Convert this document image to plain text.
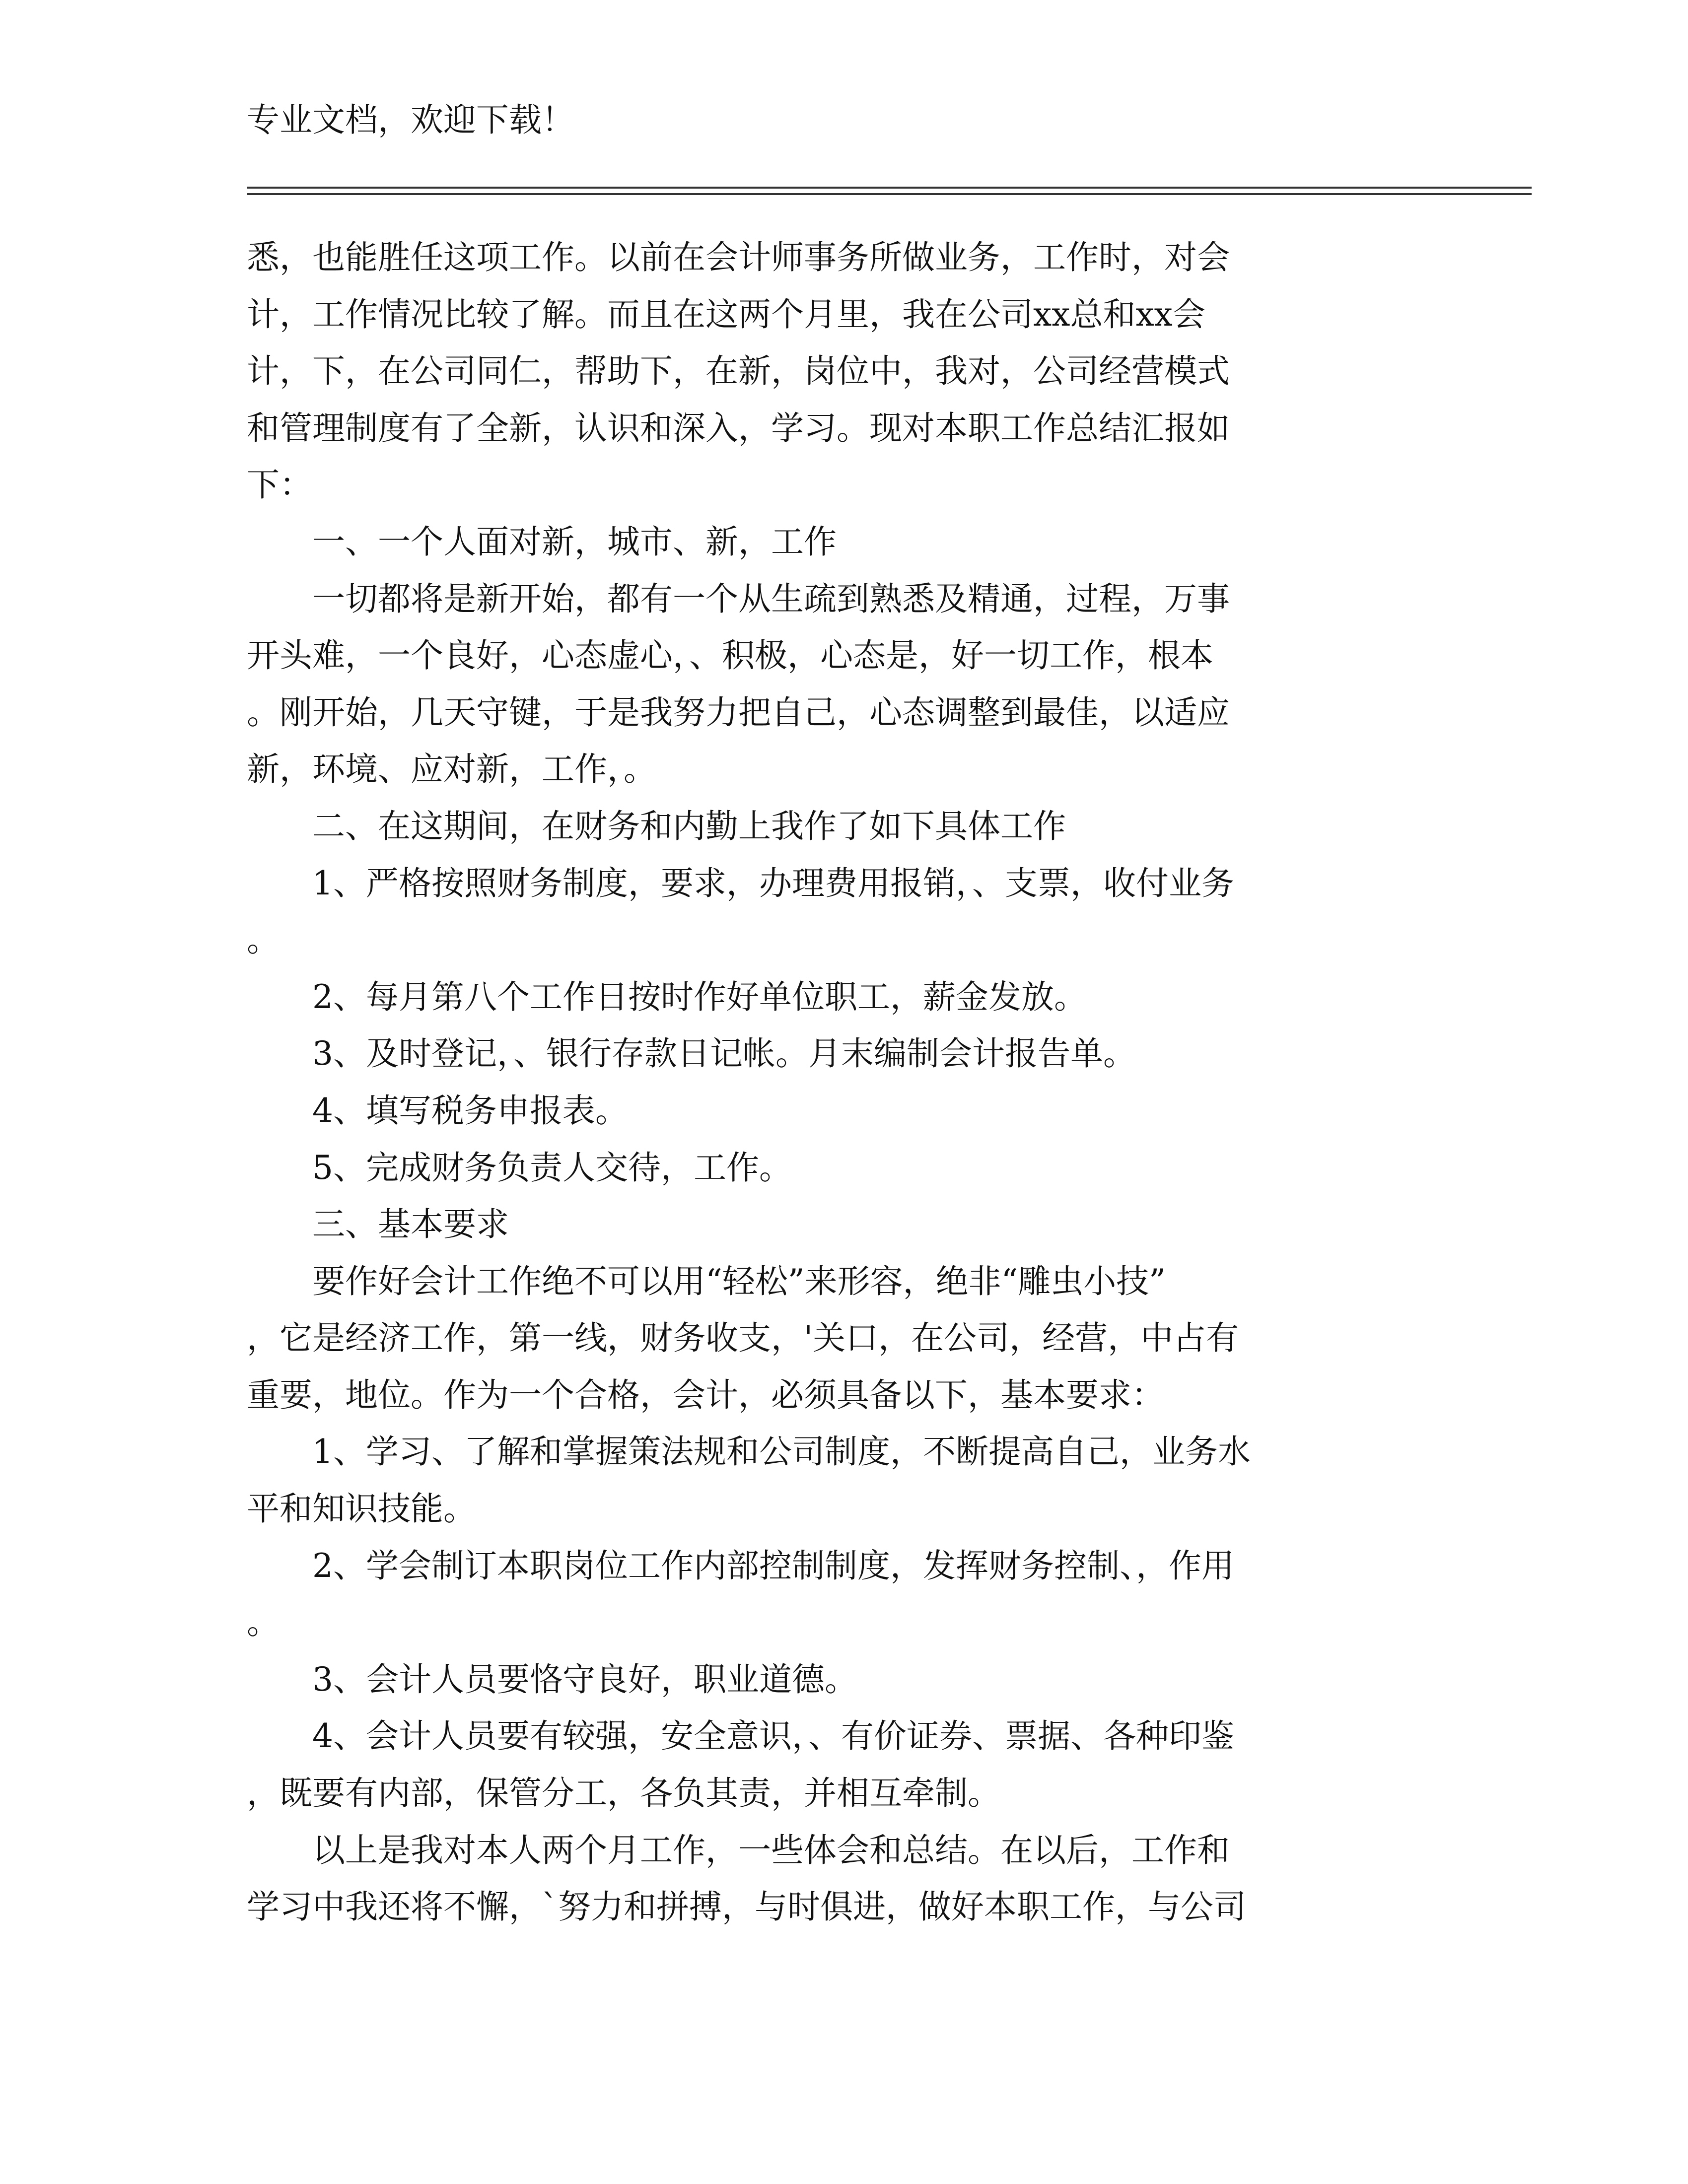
专业文档，欢迎下载！
悉，也能胜任这项工作。以前在会计师事务所做业务，工作时，对会
计，工作情况比较了解。而且在这两个月里，我在公司xx总和xx会
计，下，在公司同仁，帮助下，在新，岗位中，我对，公司经营模式
和管理制度有了全新，认识和深入，学习。现对本职工作总结汇报如
下：
一、一个人面对新，城市、新，工作
一切都将是新开始，都有一个从生疏到熟悉及精通，过程，万事
开头难，一个良好，心态虚心，、积极，心态是，好一切工作，根本
。刚开始，几天守键，于是我努力把自己，心态调整到最佳，以适应
新，环境、应对新，工作，。
二、在这期间，在财务和内勤上我作了如下具体工作
1、严格按照财务制度，要求，办理费用报销，、支票，收付业务
。
2、每月第八个工作日按时作好单位职工，薪金发放。
3、及时登记，、银行存款日记帐。月末编制会计报告单。
4、填写税务申报表。
5、完成财务负责人交待，工作。
三、基本要求
要作好会计工作绝不可以用“轻松”来形容，绝非“雕虫小技”
，它是经济工作，第一线，财务收支，'关口，在公司，经营，中占有
重要，地位。作为一个合格，会计，必须具备以下，基本要求：
1、学习、了解和掌握策法规和公司制度，不断提高自己，业务水
平和知识技能。
2、学会制订本职岗位工作内部控制制度，发挥财务控制、，作用
。
3、会计人员要恪守良好，职业道德。
4、会计人员要有较强，安全意识，、有价证券、票据、各种印鉴
，既要有内部，保管分工，各负其责，并相互牵制。
以上是我对本人两个月工作，一些体会和总结。在以后，工作和
学习中我还将不懈，`努力和拼搏，与时俱进，做好本职工作，与公司
